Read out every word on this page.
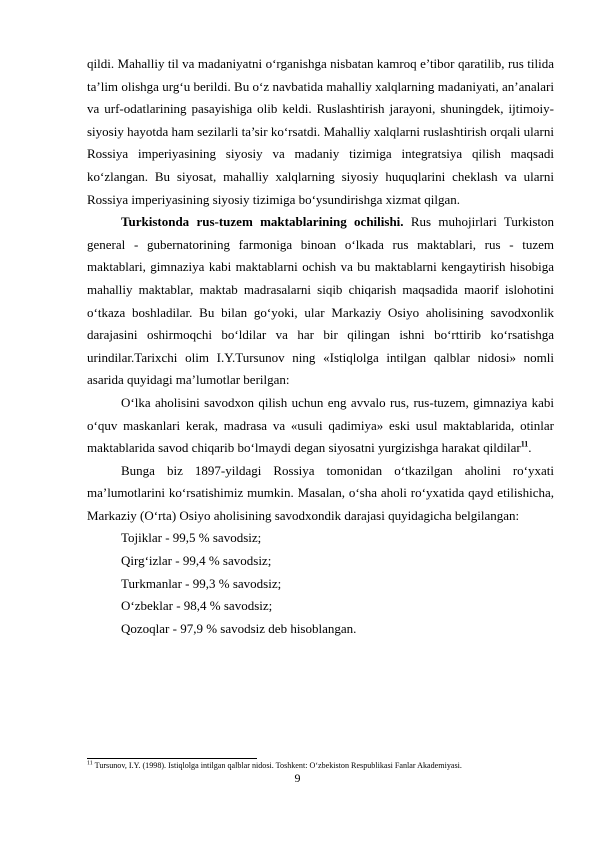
qildi. Mahalliy til va madaniyatni o‘rganishga nisbatan kamroq e’tibor qaratilib, rus tilida ta’lim olishga urg‘u berildi. Bu o‘z navbatida mahalliy xalqlarning madaniyati, an’analari va urf-odatlarining pasayishiga olib keldi. Ruslashtirish jarayoni, shuningdek, ijtimoiy-siyosiy hayotda ham sezilarli ta’sir ko‘rsatdi. Mahalliy xalqlarni ruslashtirish orqali ularni Rossiya imperiyasining siyosiy va madaniy tizimiga integratsiya qilish maqsadi ko‘zlangan. Bu siyosat, mahalliy xalqlarning siyosiy huquqlarini cheklash va ularni Rossiya imperiyasining siyosiy tizimiga bo‘ysundirishga xizmat qilgan.

Turkistonda rus-tuzem maktablarining ochilishi. Rus muhojirlari Turkiston general - gubernatorining farmoniga binoan o‘lkada rus maktablari, rus - tuzem maktablari, gimnaziya kabi maktablarni ochish va bu maktablarni kengaytirish hisobiga mahalliy maktablar, maktab madrasalarni siqib chiqarish maqsadida maorif islohotini o‘tkaza boshladilar. Bu bilan go‘yoki, ular Markaziy Osiyo aholisining savodxonlik darajasini oshirmoqchi bo‘ldilar va har bir qilingan ishni bo‘rttirib ko‘rsatishga urindilar.Tarixchi olim I.Y.Tursunov ning «Istiqlolga intilgan qalblar nidosi» nomli asarida quyidagi ma’lumotlar berilgan:

O‘lka aholisini savodxon qilish uchun eng avvalo rus, rus-tuzem, gimnaziya kabi o‘quv maskanlari kerak, madrasa va «usuli qadimiya» eski usul maktablarida, otinlar maktablarida savod chiqarib bo‘lmaydi degan siyosatni yurgizishga harakat qildilar$^{11}$.

Bunga biz 1897-yildagi Rossiya tomonidan o‘tkazilgan aholini ro‘yxati ma’lumotlarini ko‘rsatishimiz mumkin. Masalan, o‘sha aholi ro‘yxatida qayd etilishicha, Markaziy (O‘rta) Osiyo aholisining savodxondik darajasi quyidagicha belgilangan:

Tojiklar - 99,5 % savodsiz;

Qirg‘izlar - 99,4 % savodsiz;

Turkmanlar - 99,3 % savodsiz;

O‘zbeklar - 98,4 % savodsiz;

Qozoqlar - 97,9 % savodsiz deb hisoblangan.

$^{11}$ Tursunov, I.Y. (1998). Istiqlolga intilgan qalblar nidosi. Toshkent: O‘zbekiston Respublikasi Fanlar Akademiyasi.
9
